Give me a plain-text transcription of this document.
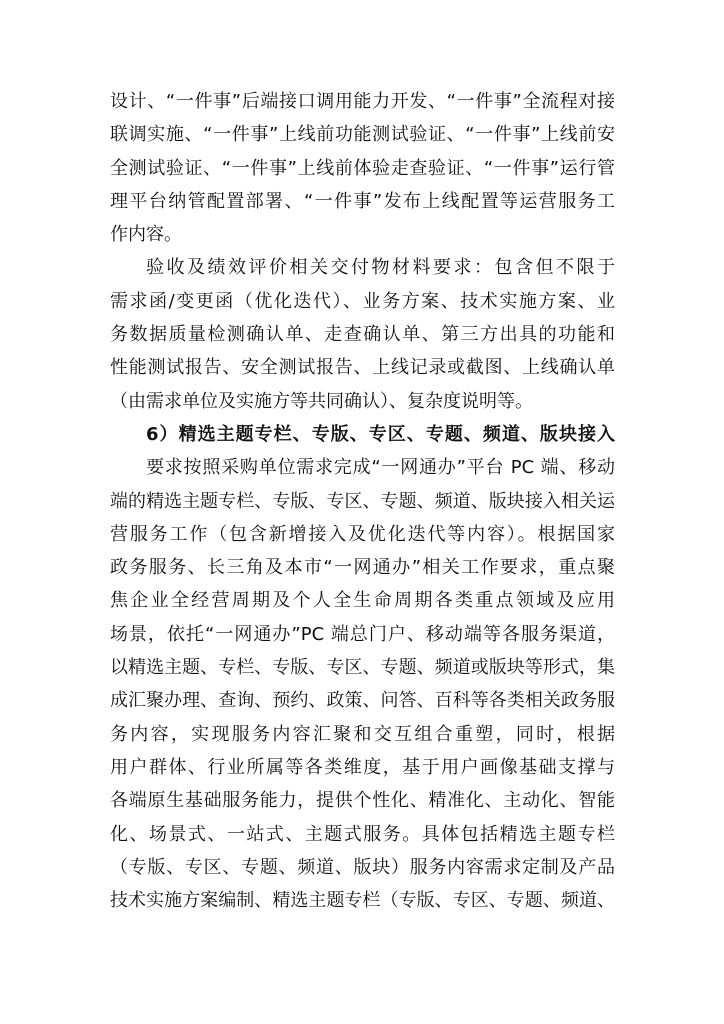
设计、“一件事”后端接口调用能力开发、“一件事”全流程对接
联调实施、“一件事”上线前功能测试验证、“一件事”上线前安
全测试验证、“一件事”上线前体验走查验证、“一件事”运行管
理平台纳管配置部署、“一件事”发布上线配置等运营服务工
作内容。
验收及绩效评价相关交付物材料要求：包含但不限于
需求函/变更函（优化迭代）、业务方案、技术实施方案、业
务数据质量检测确认单、走查确认单、第三方出具的功能和
性能测试报告、安全测试报告、上线记录或截图、上线确认单
（由需求单位及实施方等共同确认）、复杂度说明等。
6）精选主题专栏、专版、专区、专题、频道、版块接入
要求按照采购单位需求完成“一网通办”平台 PC 端、移动
端的精选主题专栏、专版、专区、专题、频道、版块接入相关运
营服务工作（包含新增接入及优化迭代等内容）。根据国家
政务服务、长三角及本市“一网通办”相关工作要求，重点聚
焦企业全经营周期及个人全生命周期各类重点领域及应用
场景，依托“一网通办”PC 端总门户、移动端等各服务渠道，
以精选主题、专栏、专版、专区、专题、频道或版块等形式，集
成汇聚办理、查询、预约、政策、问答、百科等各类相关政务服
务内容，实现服务内容汇聚和交互组合重塑，同时，根据
用户群体、行业所属等各类维度，基于用户画像基础支撑与
各端原生基础服务能力，提供个性化、精准化、主动化、智能
化、场景式、一站式、主题式服务。具体包括精选主题专栏
（专版、专区、专题、频道、版块）服务内容需求定制及产品
技术实施方案编制、精选主题专栏（专版、专区、专题、频道、
